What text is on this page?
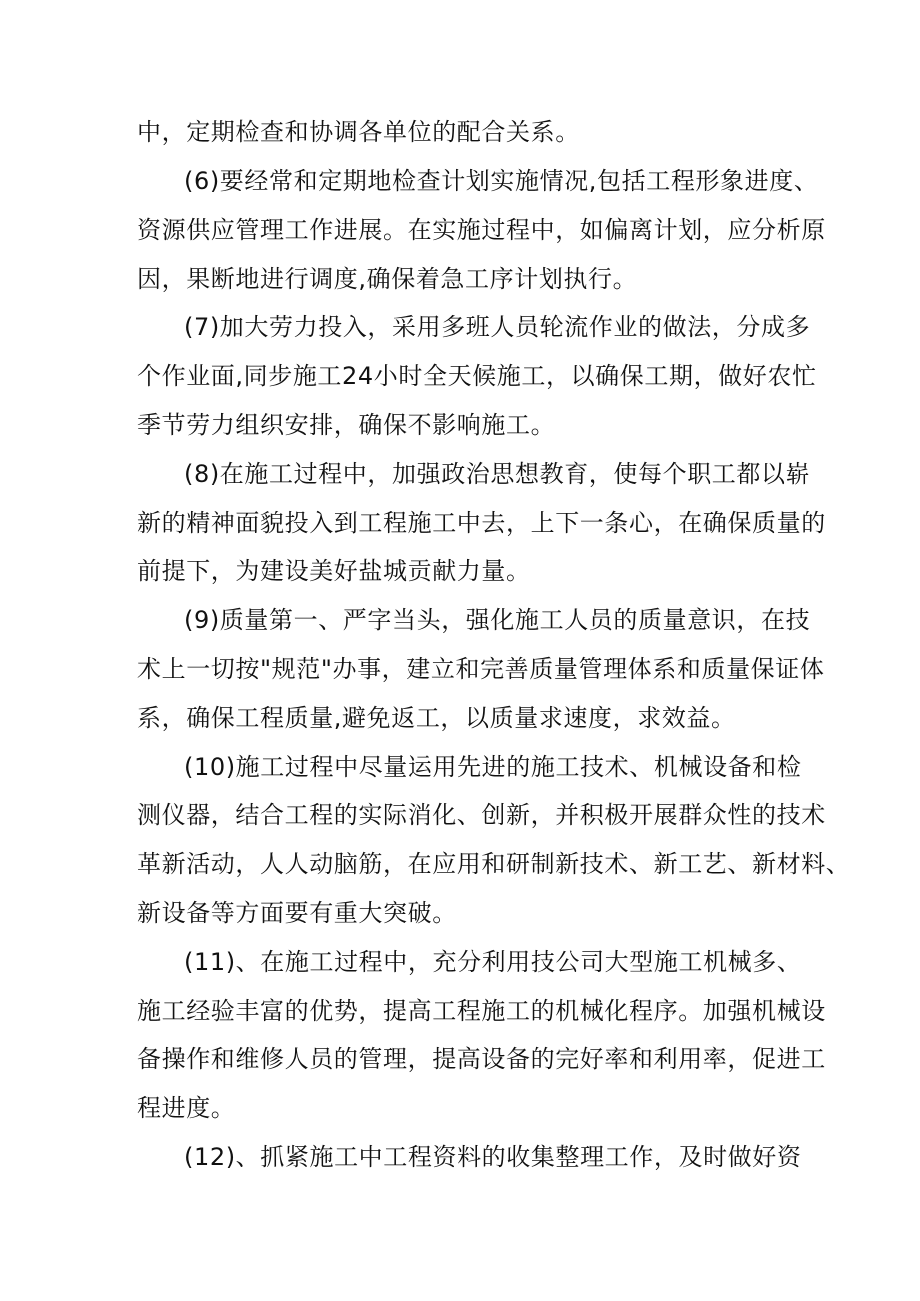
中，定期检查和协调各单位的配合关系。
(6)要经常和定期地检查计划实施情况,包括工程形象进度、
资源供应管理工作进展。在实施过程中，如偏离计划，应分析原
因，果断地进行调度,确保着急工序计划执行。
(7)加大劳力投入，采用多班人员轮流作业的做法，分成多
个作业面,同步施工24小时全天候施工，以确保工期，做好农忙
季节劳力组织安排，确保不影响施工。
(8)在施工过程中，加强政治思想教育，使每个职工都以崭
新的精神面貌投入到工程施工中去，上下一条心，在确保质量的
前提下，为建设美好盐城贡献力量。
(9)质量第一、严字当头，强化施工人员的质量意识，在技
术上一切按"规范"办事，建立和完善质量管理体系和质量保证体
系，确保工程质量,避免返工，以质量求速度，求效益。
(10)施工过程中尽量运用先进的施工技术、机械设备和检
测仪器，结合工程的实际消化、创新，并积极开展群众性的技术
革新活动，人人动脑筋，在应用和研制新技术、新工艺、新材料、
新设备等方面要有重大突破。
(11)、在施工过程中，充分利用技公司大型施工机械多、
施工经验丰富的优势，提高工程施工的机械化程序。加强机械设
备操作和维修人员的管理，提高设备的完好率和利用率，促进工
程进度。
(12)、抓紧施工中工程资料的收集整理工作，及时做好资
